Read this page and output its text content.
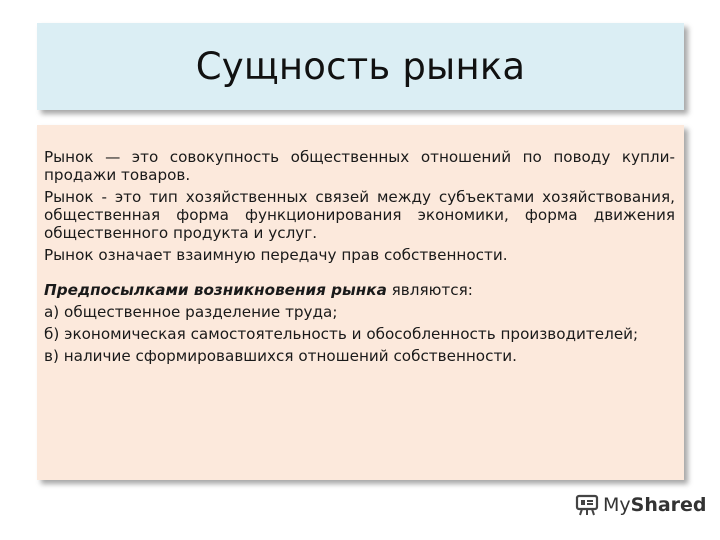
Сущность рынка

Рынок — это совокупность общественных отношений по поводу купли-продажи товаров.

Рынок - это тип хозяйственных связей между субъектами хозяйствования, общественная форма функционирования экономики, форма движения общественного продукта и услуг.

Рынок означает взаимную передачу прав собственности.

Предпосылками возникновения рынка являются:

а) общественное разделение труда;

б) экономическая самостоятельность и обособленность производителей;

в) наличие сформировавшихся отношений собственности.

MyShared
